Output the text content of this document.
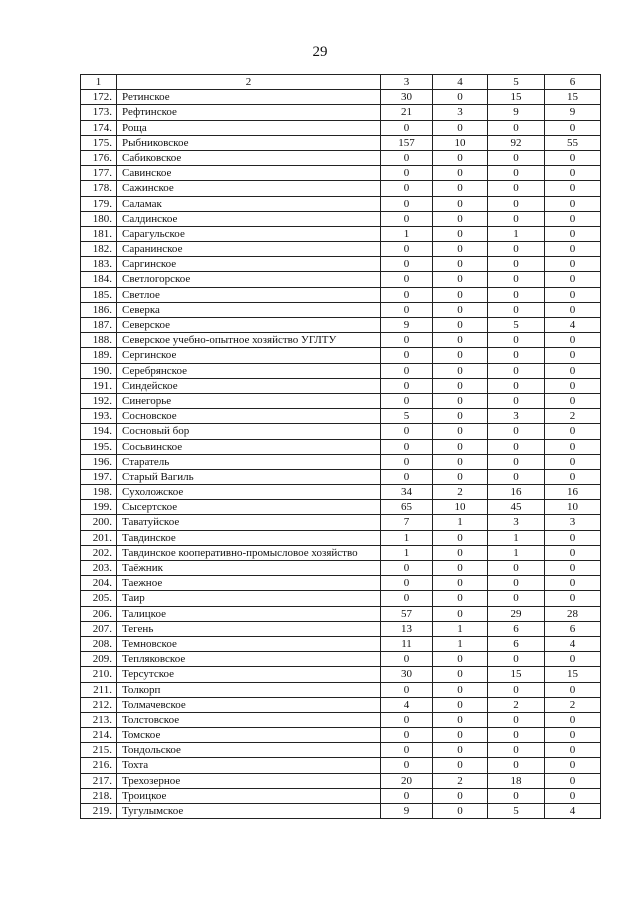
29
1	2	3	4	5	6
172.	Ретинское	30	0	15	15
173.	Рефтинское	21	3	9	9
174.	Роща	0	0	0	0
175.	Рыбниковское	157	10	92	55
176.	Сабиковское	0	0	0	0
177.	Савинское	0	0	0	0
178.	Сажинское	0	0	0	0
179.	Саламак	0	0	0	0
180.	Салдинское	0	0	0	0
181.	Сарагульское	1	0	1	0
182.	Саранинское	0	0	0	0
183.	Саргинское	0	0	0	0
184.	Светлогорское	0	0	0	0
185.	Светлое	0	0	0	0
186.	Северка	0	0	0	0
187.	Северское	9	0	5	4
188.	Северское учебно-опытное хозяйство УГЛТУ	0	0	0	0
189.	Сергинское	0	0	0	0
190.	Серебрянское	0	0	0	0
191.	Синдейское	0	0	0	0
192.	Синегорье	0	0	0	0
193.	Сосновское	5	0	3	2
194.	Сосновый бор	0	0	0	0
195.	Сосьвинское	0	0	0	0
196.	Старатель	0	0	0	0
197.	Старый Вагиль	0	0	0	0
198.	Сухоложское	34	2	16	16
199.	Сысертское	65	10	45	10
200.	Таватуйское	7	1	3	3
201.	Тавдинское	1	0	1	0
202.	Тавдинское кооперативно-промысловое хозяйство	1	0	1	0
203.	Таёжник	0	0	0	0
204.	Таежное	0	0	0	0
205.	Таир	0	0	0	0
206.	Талицкое	57	0	29	28
207.	Тегень	13	1	6	6
208.	Темновское	11	1	6	4
209.	Тепляковское	0	0	0	0
210.	Терсутское	30	0	15	15
211.	Толкорп	0	0	0	0
212.	Толмачевское	4	0	2	2
213.	Толстовское	0	0	0	0
214.	Томское	0	0	0	0
215.	Тондольское	0	0	0	0
216.	Тохта	0	0	0	0
217.	Трехозерное	20	2	18	0
218.	Троицкое	0	0	0	0
219.	Тугулымское	9	0	5	4
